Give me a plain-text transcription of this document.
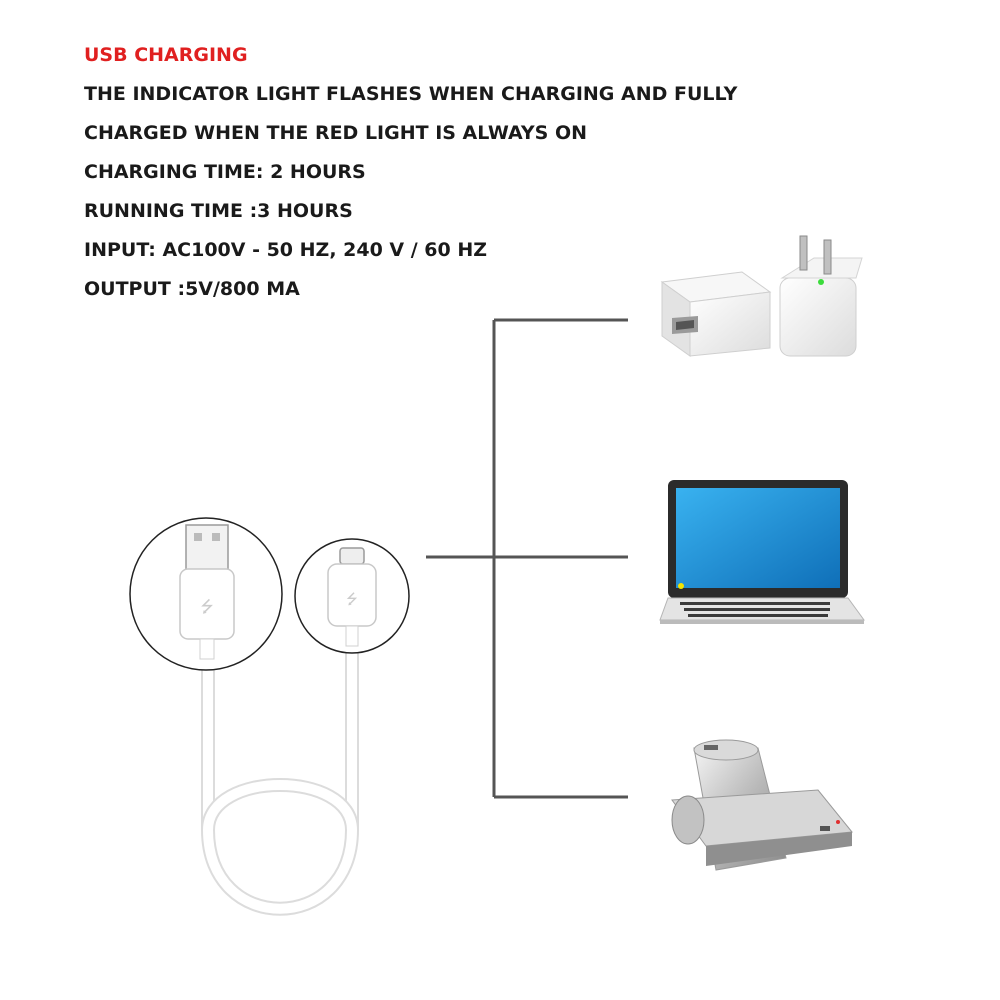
USB CHARGING
THE INDICATOR LIGHT FLASHES WHEN CHARGING AND FULLY
CHARGED WHEN THE RED LIGHT IS ALWAYS ON
CHARGING TIME: 2 HOURS
RUNNING TIME :3 HOURS
INPUT: AC100V - 50 HZ, 240 V / 60 HZ
OUTPUT :5V/800 MA
⭍	⭍
